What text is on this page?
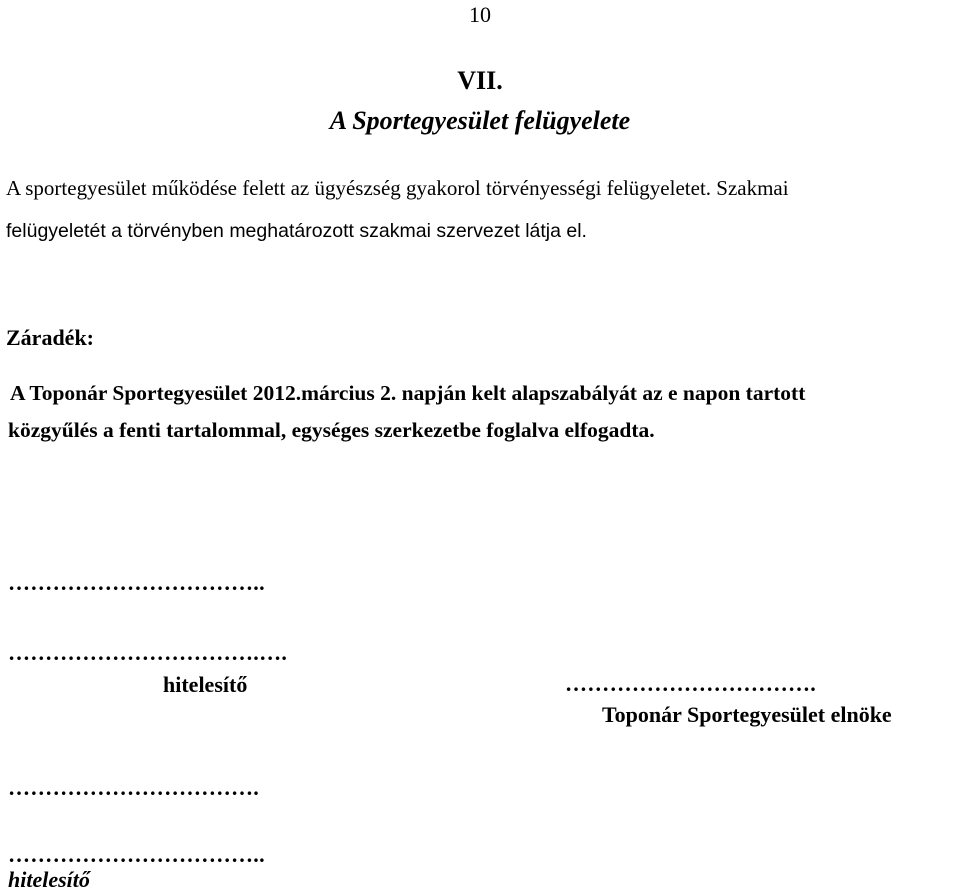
10
VII.
A Sportegyesület felügyelete
A sportegyesület működése felett az ügyészség gyakorol törvényességi felügyeletet. Szakmai
felügyeletét a törvényben meghatározott szakmai szervezet látja el.
Záradék:
A Toponár Sportegyesület 2012.március 2. napján kelt alapszabályát az e napon tartott
közgyűlés a fenti tartalommal, egységes szerkezetbe foglalva elfogadta.
……………………………..
…………………………….….
hitelesítő	…………………………….
Toponár Sportegyesület elnöke
…………………………….
……………………………..
hitelesítő
